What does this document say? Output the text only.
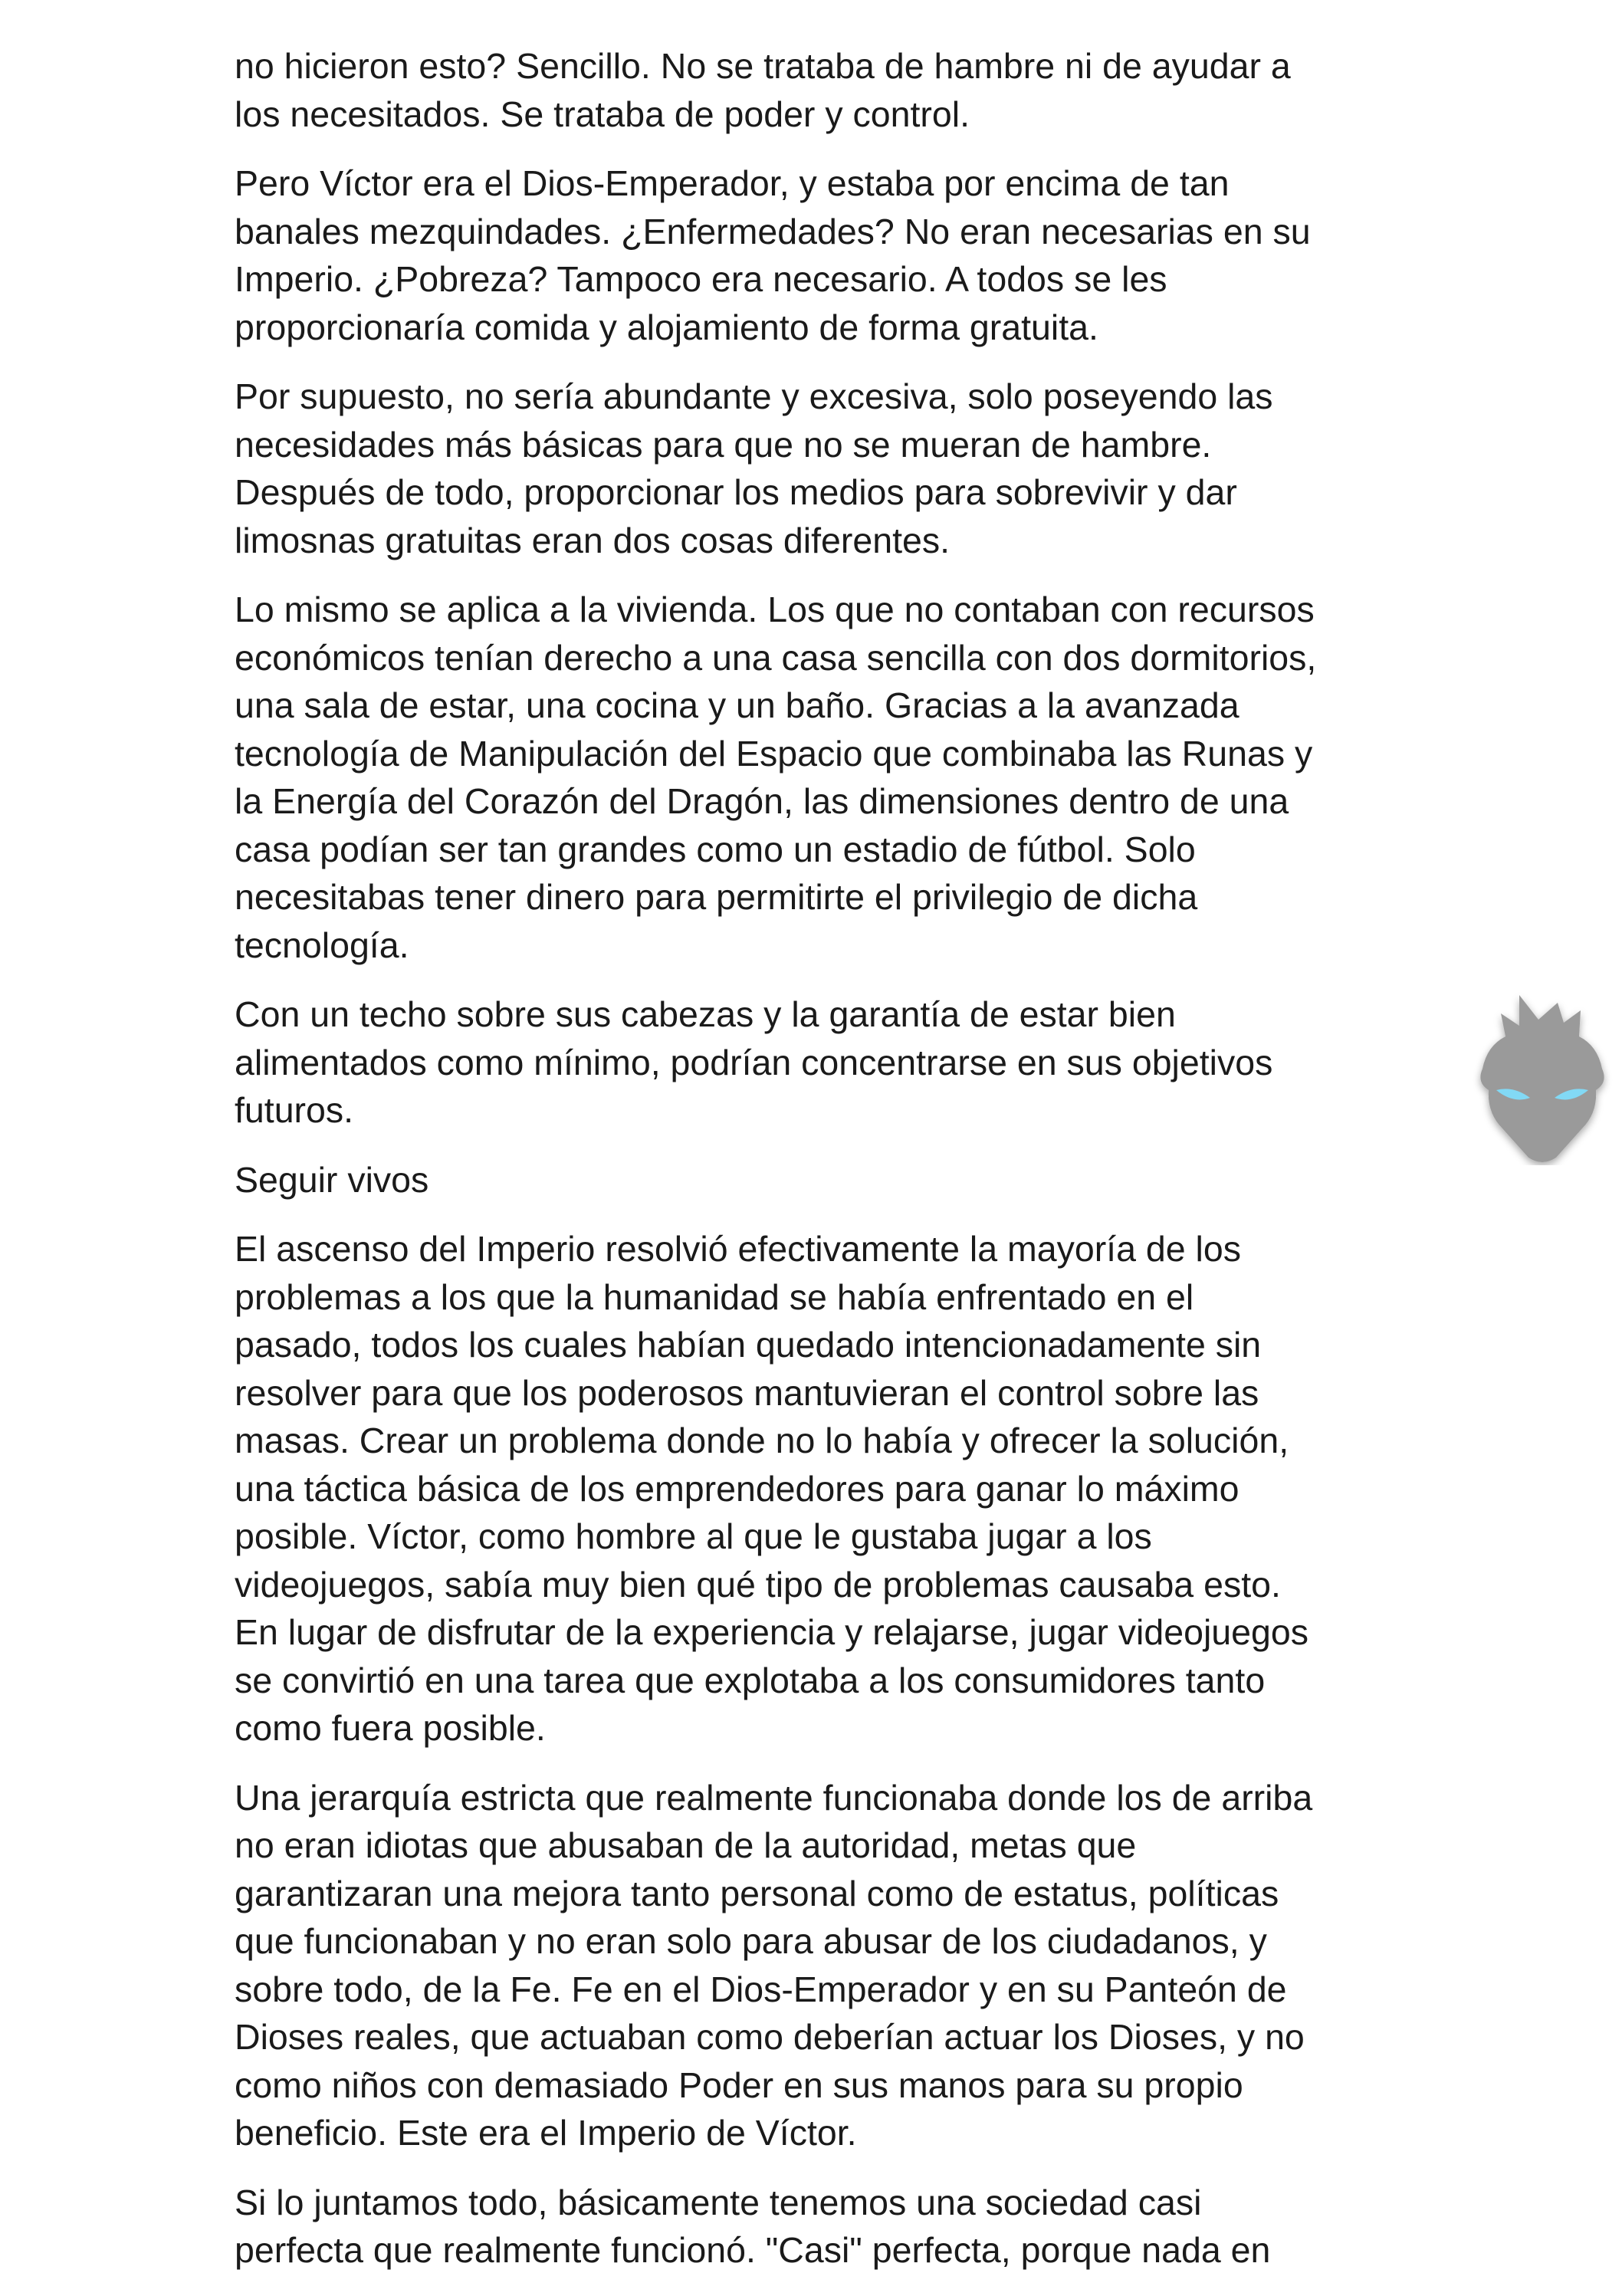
no hicieron esto? Sencillo. No se trataba de hambre ni de ayudar a
los necesitados. Se trataba de poder y control.

Pero Víctor era el Dios-Emperador, y estaba por encima de tan
banales mezquindades. ¿Enfermedades? No eran necesarias en su
Imperio. ¿Pobreza? Tampoco era necesario. A todos se les
proporcionaría comida y alojamiento de forma gratuita.

Por supuesto, no sería abundante y excesiva, solo poseyendo las
necesidades más básicas para que no se mueran de hambre.
Después de todo, proporcionar los medios para sobrevivir y dar
limosnas gratuitas eran dos cosas diferentes.

Lo mismo se aplica a la vivienda. Los que no contaban con recursos
económicos tenían derecho a una casa sencilla con dos dormitorios,
una sala de estar, una cocina y un baño. Gracias a la avanzada
tecnología de Manipulación del Espacio que combinaba las Runas y
la Energía del Corazón del Dragón, las dimensiones dentro de una
casa podían ser tan grandes como un estadio de fútbol. Solo
necesitabas tener dinero para permitirte el privilegio de dicha
tecnología.

Con un techo sobre sus cabezas y la garantía de estar bien
alimentados como mínimo, podrían concentrarse en sus objetivos
futuros.

Seguir vivos

El ascenso del Imperio resolvió efectivamente la mayoría de los
problemas a los que la humanidad se había enfrentado en el
pasado, todos los cuales habían quedado intencionadamente sin
resolver para que los poderosos mantuvieran el control sobre las
masas. Crear un problema donde no lo había y ofrecer la solución,
una táctica básica de los emprendedores para ganar lo máximo
posible. Víctor, como hombre al que le gustaba jugar a los
videojuegos, sabía muy bien qué tipo de problemas causaba esto.
En lugar de disfrutar de la experiencia y relajarse, jugar videojuegos
se convirtió en una tarea que explotaba a los consumidores tanto
como fuera posible.

Una jerarquía estricta que realmente funcionaba donde los de arriba
no eran idiotas que abusaban de la autoridad, metas que
garantizaran una mejora tanto personal como de estatus, políticas
que funcionaban y no eran solo para abusar de los ciudadanos, y
sobre todo, de la Fe. Fe en el Dios-Emperador y en su Panteón de
Dioses reales, que actuaban como deberían actuar los Dioses, y no
como niños con demasiado Poder en sus manos para su propio
beneficio. Este era el Imperio de Víctor.

Si lo juntamos todo, básicamente tenemos una sociedad casi
perfecta que realmente funcionó. "Casi" perfecta, porque nada en
